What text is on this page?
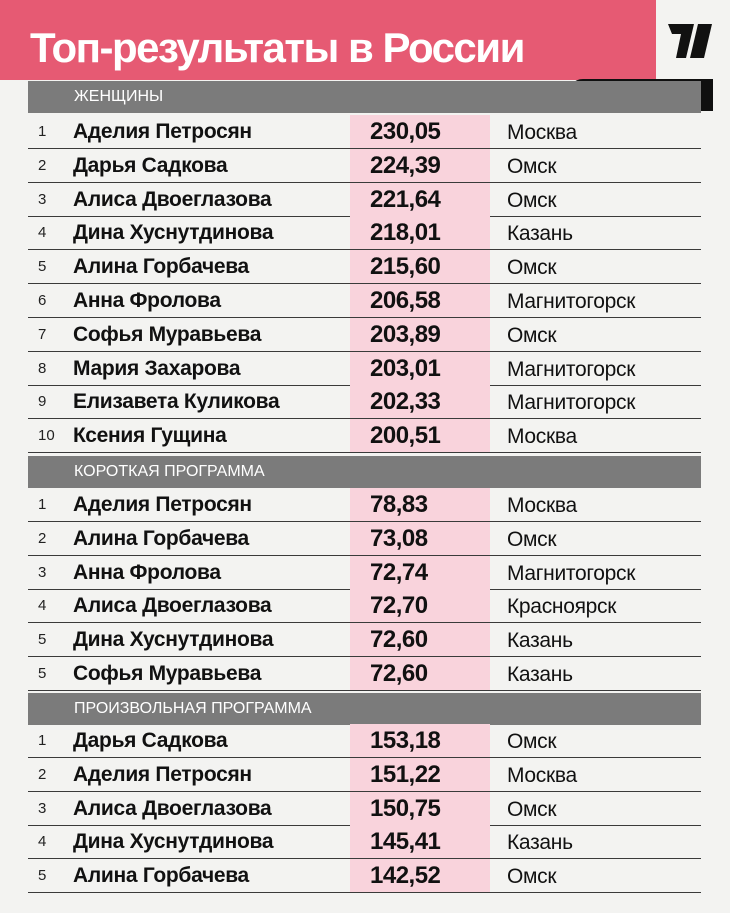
Топ-результаты в России
ЖЕНЩИНЫ
1 Аделия Петросян	230,05	Москва
2 Дарья Садкова	224,39	Омск
3 Алиса Двоеглазова	221,64	Омск
4 Дина Хуснутдинова	218,01	Казань
5 Алина Горбачева	215,60	Омск
6 Анна Фролова	206,58	Магнитогорск
7 Софья Муравьева	203,89	Омск
8 Мария Захарова	203,01	Магнитогорск
9 Елизавета Куликова	202,33	Магнитогорск
10 Ксения Гущина	200,51	Москва
КОРОТКАЯ ПРОГРАММА
1 Аделия Петросян	78,83	Москва
2 Алина Горбачева	73,08	Омск
3 Анна Фролова	72,74	Магнитогорск
4 Алиса Двоеглазова	72,70	Красноярск
5 Дина Хуснутдинова	72,60	Казань
5 Софья Муравьева	72,60	Казань
ПРОИЗВОЛЬНАЯ ПРОГРАММА
1 Дарья Садкова	153,18	Омск
2 Аделия Петросян	151,22	Москва
3 Алиса Двоеглазова	150,75	Омск
4 Дина Хуснутдинова	145,41	Казань
5 Алина Горбачева	142,52	Омск
